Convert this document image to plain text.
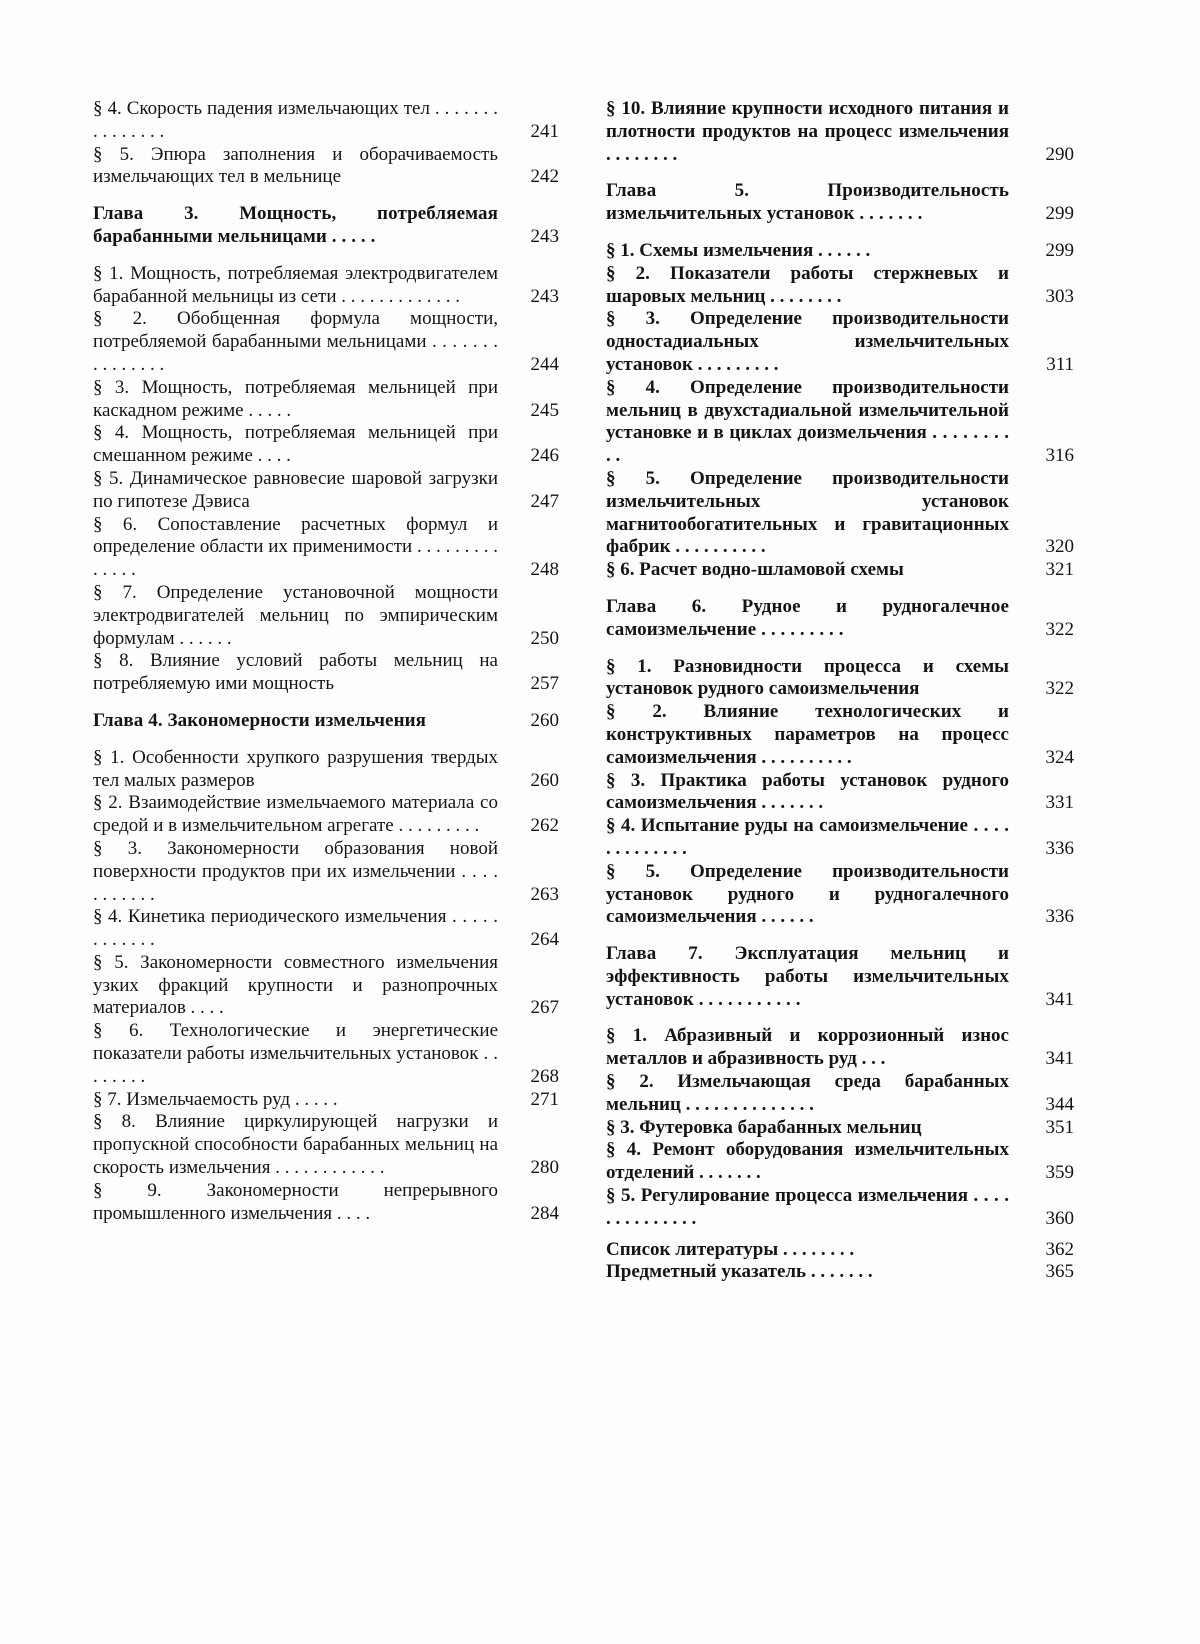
§ 4. Скорость падения измельчающих тел . . . . . . . . . . . . . . .	241
§ 5. Эпюра заполнения и оборачиваемость измельчающих тел в мельнице	242
Глава 3. Мощность, потребляемая барабанными мельницами . . . . .	243
§ 1. Мощность, потребляемая электродвигателем барабанной мельницы из сети . . . . . . . . . . . . .	243
§ 2. Обобщенная формула мощности, потребляемой барабанными мельницами . . . . . . . . . . . . . . .	244
§ 3. Мощность, потребляемая мельницей при каскадном режиме . . . . .	245
§ 4. Мощность, потребляемая мельницей при смешанном режиме . . . .	246
§ 5. Динамическое равновесие шаровой загрузки по гипотезе Дэвиса	247
§ 6. Сопоставление расчетных формул и определение области их применимости . . . . . . . . . . . . . .	248
§ 7. Определение установочной мощности электродвигателей мельниц по эмпирическим формулам . . . . . .	250
§ 8. Влияние условий работы мельниц на потребляемую ими мощность	257
Глава 4. Закономерности измельчения	260
§ 1. Особенности хрупкого разрушения твердых тел малых размеров	260
§ 2. Взаимодействие измельчаемого материала со средой и в измельчительном агрегате . . . . . . . . .	262
§ 3. Закономерности образования новой поверхности продуктов при их измельчении . . . . . . . . . . .	263
§ 4. Кинетика периодического измельчения . . . . . . . . . . . .	264
§ 5. Закономерности совместного измельчения узких фракций крупности и разнопрочных материалов . . . .	267
§ 6. Технологические и энергетические показатели работы измельчительных установок . . . . . . . .	268
§ 7. Измельчаемость руд . . . . .	271
§ 8. Влияние циркулирующей нагрузки и пропускной способности барабанных мельниц на скорость измельчения . . . . . . . . . . . .	280
§ 9. Закономерности непрерывного промышленного измельчения . . . .	284
§ 10. Влияние крупности исходного питания и плотности продуктов на процесс измельчения . . . . . . . .	290
Глава 5. Производительность измельчительных установок . . . . . . .	299
§ 1. Схемы измельчения . . . . . .	299
§ 2. Показатели работы стержневых и шаровых мельниц . . . . . . . .	303
§ 3. Определение производительности одностадиальных измельчительных установок . . . . . . . . .	311
§ 4. Определение производительности мельниц в двухстадиальной измельчительной установке и в циклах доизмельчения . . . . . . . . . .	316
§ 5. Определение производительности измельчительных установок магнитообогатительных и гравитационных фабрик . . . . . . . . . .	320
§ 6. Расчет водно-шламовой схемы	321
Глава 6. Рудное и рудногалечное самоизмельчение . . . . . . . . .	322
§ 1. Разновидности процесса и схемы установок рудного самоизмельчения	322
§ 2. Влияние технологических и конструктивных параметров на процесс самоизмельчения . . . . . . . . . .	324
§ 3. Практика работы установок рудного самоизмельчения . . . . . . .	331
§ 4. Испытание руды на самоизмельчение . . . . . . . . . . . . .	336
§ 5. Определение производительности установок рудного и рудногалечного самоизмельчения . . . . . .	336
Глава 7. Эксплуатация мельниц и эффективность работы измельчительных установок . . . . . . . . . . .	341
§ 1. Абразивный и коррозионный износ металлов и абразивность руд . . .	341
§ 2. Измельчающая среда барабанных мельниц . . . . . . . . . . . . . .	344
§ 3. Футеровка барабанных мельниц	351
§ 4. Ремонт оборудования измельчительных отделений . . . . . . .	359
§ 5. Регулирование процесса измельчения . . . . . . . . . . . . . .	360
Список литературы . . . . . . . .	362
Предметный указатель . . . . . . .	365
